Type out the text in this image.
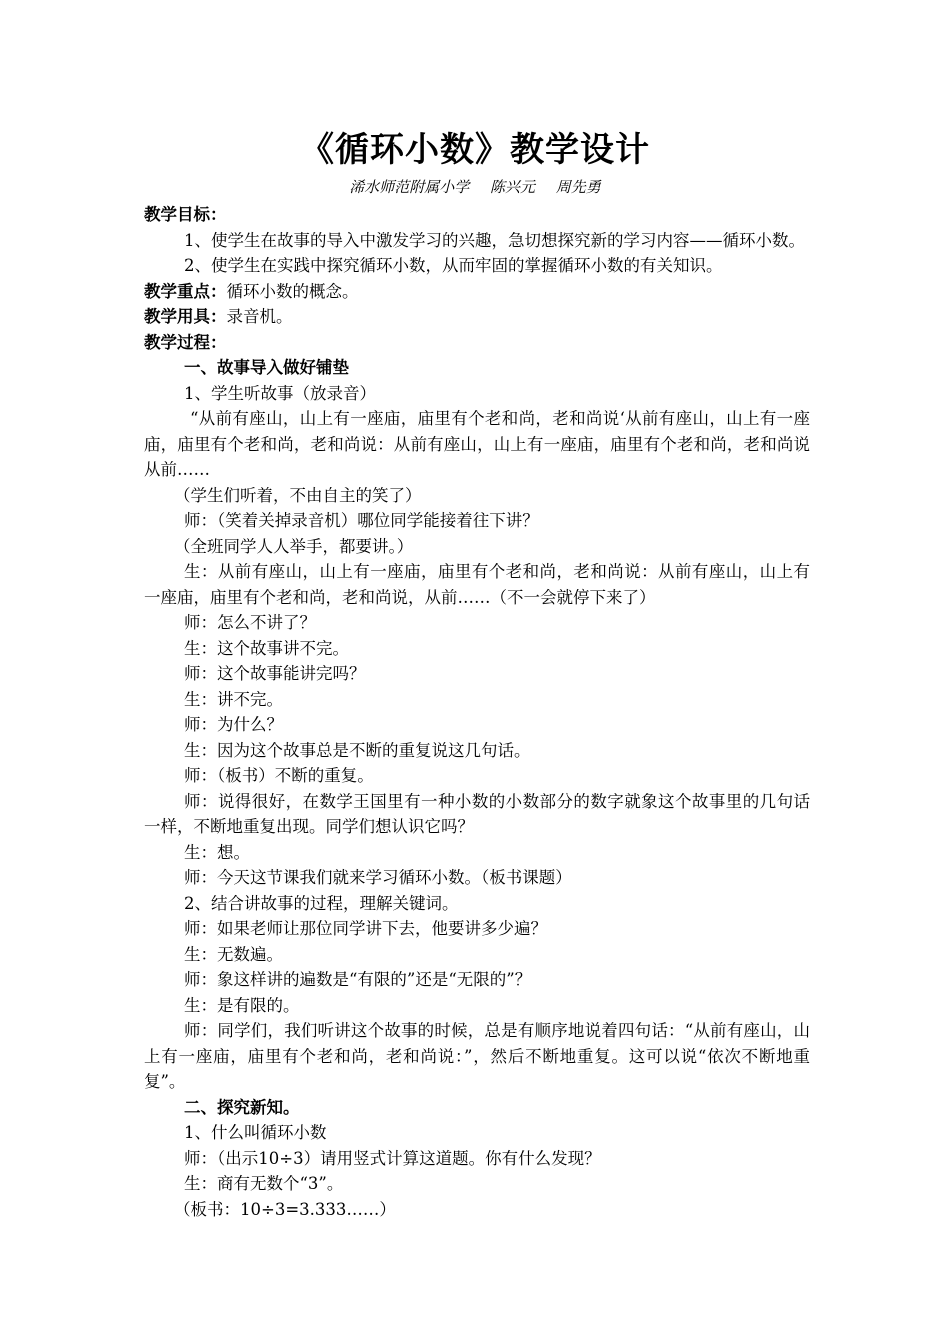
《循环小数》教学设计
浠水师范附属小学 陈兴元 周先勇

教学目标：

1、使学生在故事的导入中激发学习的兴趣，急切想探究新的学习内容——循环小数。

2、使学生在实践中探究循环小数，从而牢固的掌握循环小数的有关知识。

教学重点：循环小数的概念。

教学用具：录音机。

教学过程：

一、故事导入做好铺垫

1、学生听故事（放录音）

“从前有座山，山上有一座庙，庙里有个老和尚，老和尚说‘从前有座山，山上有一座庙，庙里有个老和尚，老和尚说：从前有座山，山上有一座庙，庙里有个老和尚，老和尚说从前……

（学生们听着，不由自主的笑了）

师：（笑着关掉录音机）哪位同学能接着往下讲？

（全班同学人人举手，都要讲。）

生：从前有座山，山上有一座庙，庙里有个老和尚，老和尚说：从前有座山，山上有一座庙，庙里有个老和尚，老和尚说，从前……（不一会就停下来了）

师：怎么不讲了？

生：这个故事讲不完。

师：这个故事能讲完吗？

生：讲不完。

师：为什么？

生：因为这个故事总是不断的重复说这几句话。

师：（板书）不断的重复。

师：说得很好，在数学王国里有一种小数的小数部分的数字就象这个故事里的几句话一样，不断地重复出现。同学们想认识它吗？

生：想。

师：今天这节课我们就来学习循环小数。（板书课题）

2、结合讲故事的过程，理解关键词。

师：如果老师让那位同学讲下去，他要讲多少遍？

生：无数遍。

师：象这样讲的遍数是“有限的”还是“无限的”？

生：是有限的。

师：同学们，我们听讲这个故事的时候，总是有顺序地说着四句话：“从前有座山，山上有一座庙，庙里有个老和尚，老和尚说：”，然后不断地重复。这可以说“依次不断地重复”。

二、探究新知。

1、什么叫循环小数

师：（出示10÷3）请用竖式计算这道题。你有什么发现？

生：商有无数个“3”。

（板书：10÷3=3.333……）
